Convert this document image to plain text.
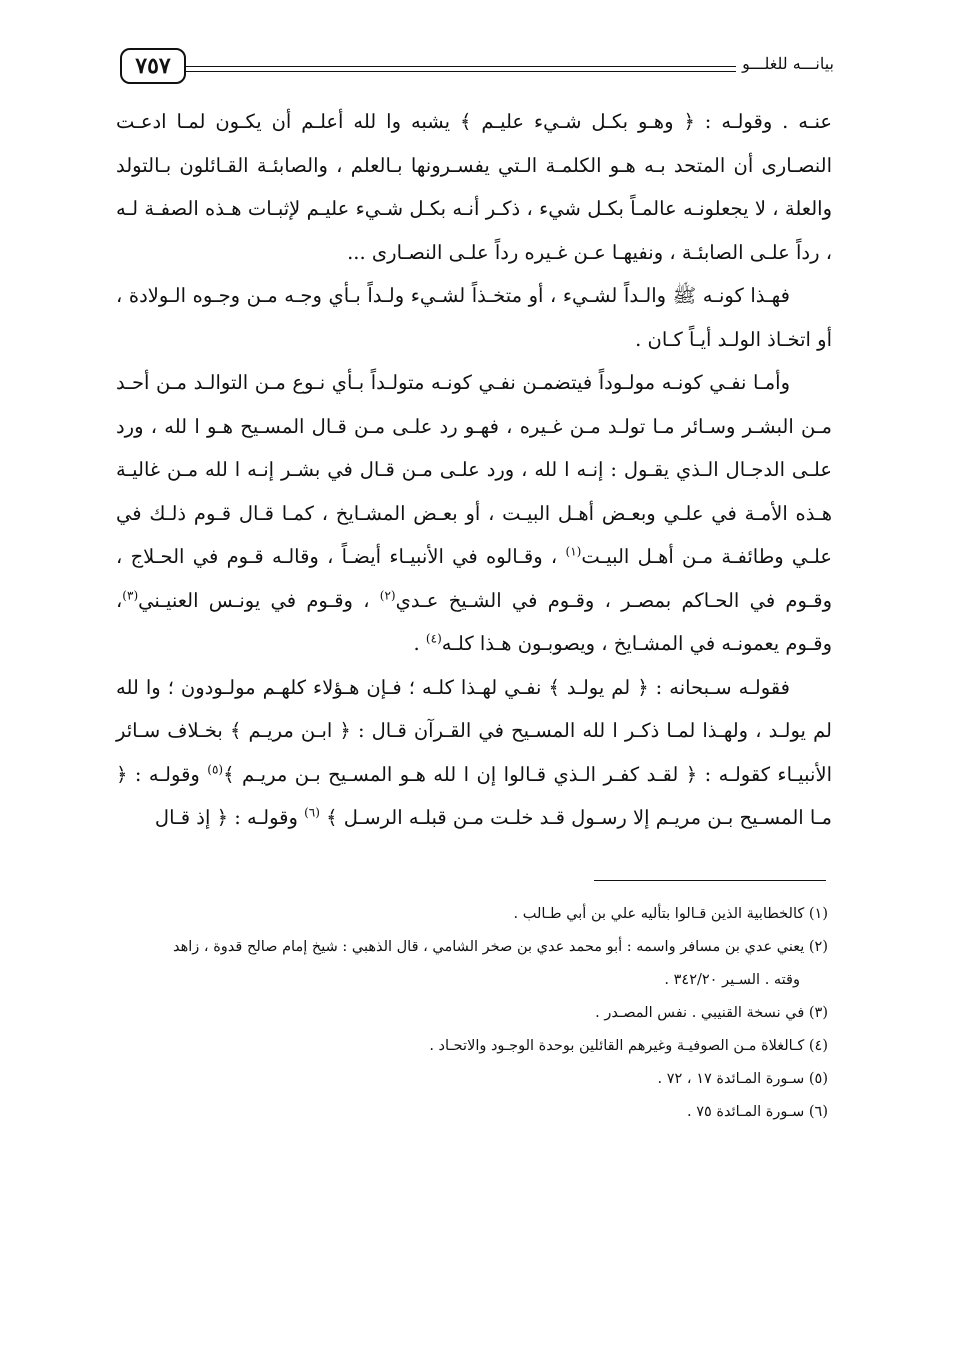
٧٥٧	بيانـــه للغلـــو

عنـه . وقولـه : ﴿ وهـو بكـل شـيء عليـم ﴾ يشبه وا لله أعلـم أن يكـون لمـا ادعـت النصـارى أن المتحد بـه هـو الكلمـة الـتي يفسـرونها بـالعلم ، والصابئـة القـائلون بـالتولد والعلة ، لا يجعلونـه عالمـاً بكـل شيء ، ذكـر أنـه بكـل شـيء عليـم لإثبـات هـذه الصفـة لـه ، رداً علـى الصابئـة ، ونفيهـا عـن غـيره رداً علـى النصـارى ...

فهـذا كونـه ﷺ والـداً لشـيء ، أو متخـذاً لشـيء ولـداً بـأي وجـه مـن وجـوه الـولادة ، أو اتخـاذ الولـد أيـاً كـان .

وأمـا نفـي كونـه مولـوداً فيتضمـن نفـي كونـه متولـداً بـأي نـوع مـن التوالـد مـن أحـد مـن البشـر وسـائر مـا تولـد مـن غـيره ، فهـو رد علـى مـن قـال المسـيح هـو ا لله ، ورد علـى الدجـال الـذي يقـول : إنـه ا لله ، ورد علـى مـن قـال في بشـر إنـه ا لله مـن غاليـة هـذه الأمـة في علـي وبعـض أهـل البيـت ، أو بعـض المشـايخ ، كمـا قـال قـوم ذلـك في علـي وطائفـة مـن أهـل البيـت$^{(١)}$ ، وقـالوه في الأنبيـاء أيضـاً ، وقالـه قـوم في الحـلاج ، وقـوم في الحـاكم بمصـر ، وقـوم في الشـيخ عـدي$^{(٢)}$ ، وقـوم في يونـس العنيـني$^{(٣)}$، وقـوم يعمونـه في المشـايخ ، ويصوبـون هـذا كلـه$^{(٤)}$ .

فقولـه سـبحانه : ﴿ لم يولـد ﴾ نفـي لهـذا كلـه ؛ فـإن هـؤلاء كلهـم مولـودون ؛ وا لله لم يولـد ، ولهـذا لمـا ذكـر ا لله المسـيح في القـرآن قـال : ﴿ ابـن مريـم ﴾ بخـلاف سـائر الأنبيـاء كقولـه : ﴿ لقـد كفـر الـذي قـالوا إن ا لله هـو المسـيح بـن مريـم ﴾$^{(٥)}$ وقولـه : ﴿ مـا المسـيح بـن مريـم إلا رسـول قـد خلـت مـن قبلـه الرسـل ﴾ $^{(٦)}$ وقولـه : ﴿ إذ قـال

(١) كالخطابية الذين قـالوا بتأليه علي بن أبي طـالب .

(٢) يعني عدي بن مسافر واسمه : أبو محمد عدي بن صخر الشامي ، قال الذهبي : شيخ إمام صالح قدوة ، زاهد

وقته . السـير ٣٤٢/٢٠ .

(٣) في نسخة القنيبي . نفس المصـدر .

(٤) كـالغلاة مـن الصوفيـة وغيرهم القائلين بوحدة الوجـود والاتحـاد .

(٥) سـورة المـائدة ١٧ ، ٧٢ .

(٦) سـورة المـائدة ٧٥ .
